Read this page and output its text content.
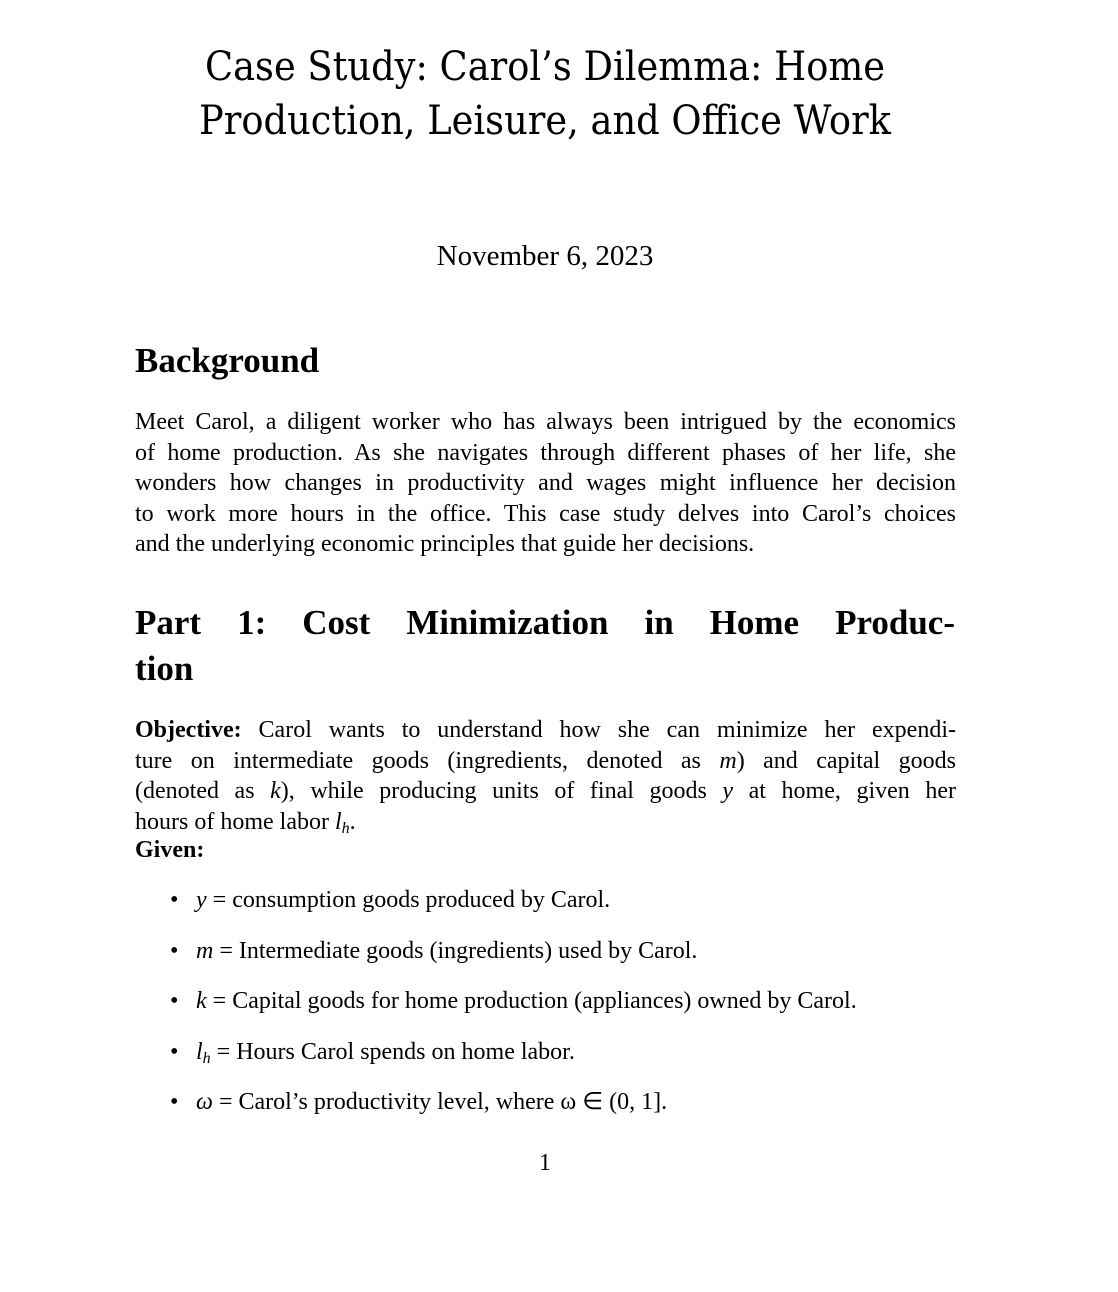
Case Study: Carol’s Dilemma: Home
Production, Leisure, and Office Work
November 6, 2023
Background
Meet Carol, a diligent worker who has always been intrigued by the economics
of home production. As she navigates through different phases of her life, she
wonders how changes in productivity and wages might influence her decision
to work more hours in the office. This case study delves into Carol’s choices
and the underlying economic principles that guide her decisions.
Part 1: Cost Minimization in Home Produc-
tion
Objective: Carol wants to understand how she can minimize her expendi-
ture on intermediate goods (ingredients, denoted as m) and capital goods
(denoted as k), while producing units of final goods y at home, given her
hours of home labor $l_h$.
Given:
• y = consumption goods produced by Carol.
• m = Intermediate goods (ingredients) used by Carol.
• k = Capital goods for home production (appliances) owned by Carol.
• $l_h$ = Hours Carol spends on home labor.
• ω = Carol’s productivity level, where ω ∈ (0, 1].
1
